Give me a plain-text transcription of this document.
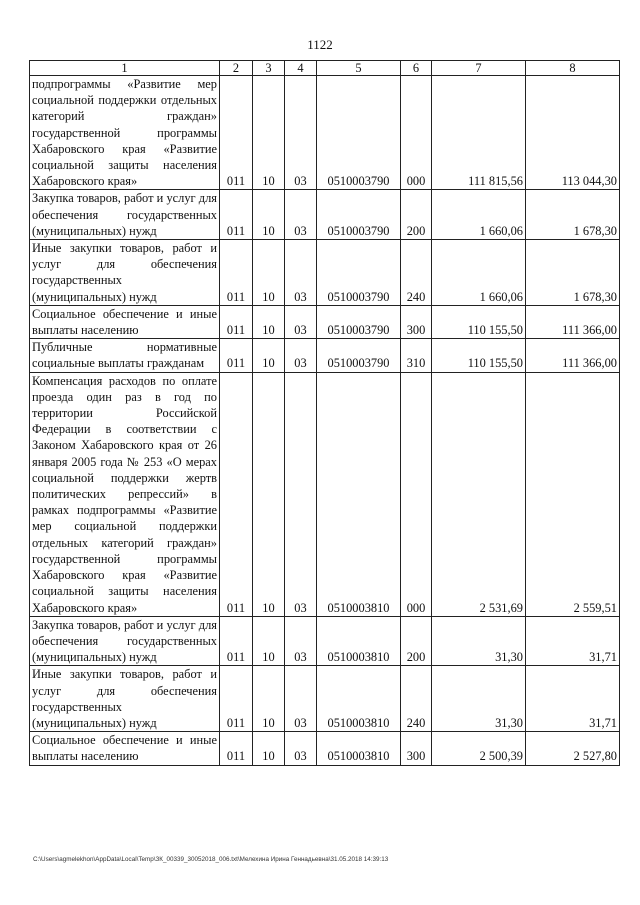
1122
1	2	3	4	5	6	7	8
подпрограммы «Развитие мер социальной поддержки отдельных категорий граждан» государственной программы Хабаровского края «Развитие социальной защиты населения Хабаровского края»	011	10	03	0510003790	000	111 815,56	113 044,30
Закупка товаров, работ и услуг для обеспечения государственных (муниципальных) нужд	011	10	03	0510003790	200	1 660,06	1 678,30
Иные закупки товаров, работ и услуг для обеспечения государственных (муниципальных) нужд	011	10	03	0510003790	240	1 660,06	1 678,30
Социальное обеспечение и иные выплаты населению	011	10	03	0510003790	300	110 155,50	111 366,00
Публичные нормативные социальные выплаты гражданам	011	10	03	0510003790	310	110 155,50	111 366,00
Компенсация расходов по оплате проезда один раз в год по территории Российской Федерации в соответствии с Законом Хабаровского края от 26 января 2005 года № 253 «О мерах социальной поддержки жертв политических репрессий» в рамках подпрограммы «Развитие мер социальной поддержки отдельных категорий граждан» государственной программы Хабаровского края «Развитие социальной защиты населения Хабаровского края»	011	10	03	0510003810	000	2 531,69	2 559,51
Закупка товаров, работ и услуг для обеспечения государственных (муниципальных) нужд	011	10	03	0510003810	200	31,30	31,71
Иные закупки товаров, работ и услуг для обеспечения государственных (муниципальных) нужд	011	10	03	0510003810	240	31,30	31,71
Социальное обеспечение и иные выплаты населению	011	10	03	0510003810	300	2 500,39	2 527,80
C:\Users\agmelekhon\AppData\Local\Temp\ЗК_00339_30052018_006.txt\Мелехина Ирина Геннадьевна\31.05.2018 14:39:13
